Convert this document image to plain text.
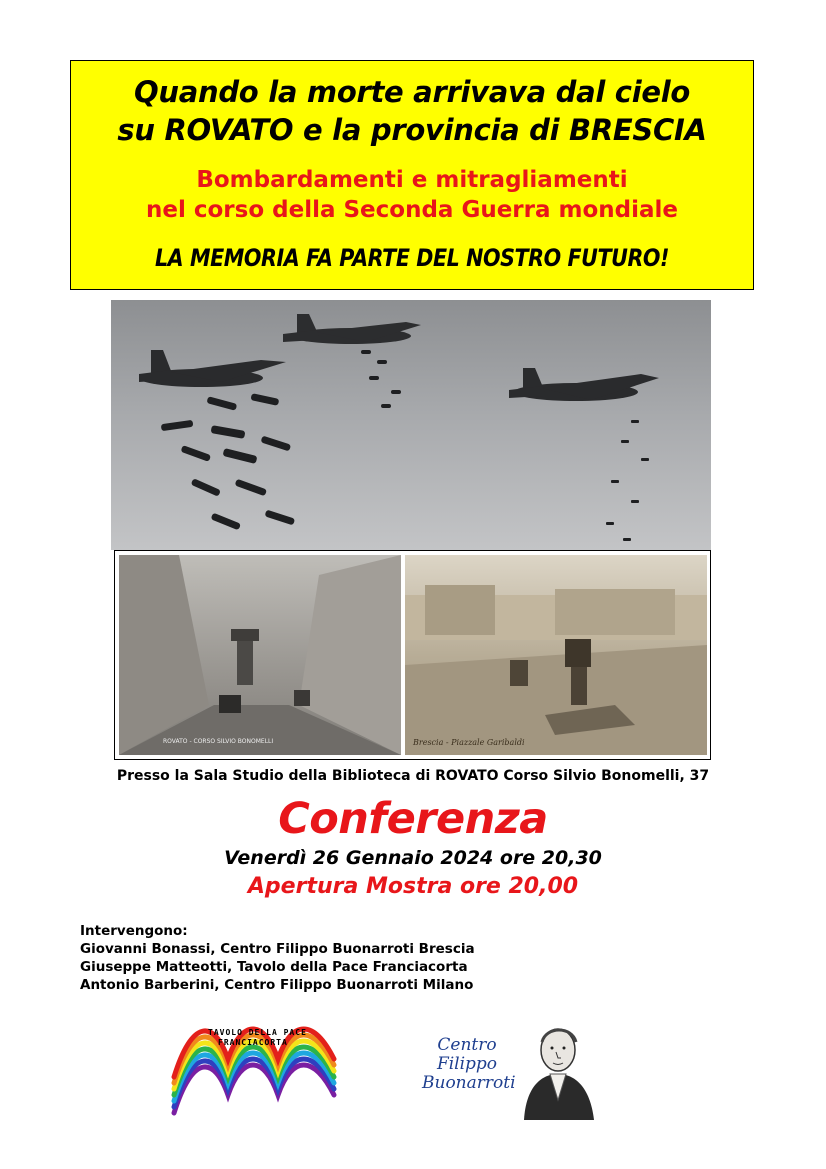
Quando la morte arrivava dal cielo
su ROVATO e la provincia di BRESCIA
Bombardamenti e mitragliamenti
nel corso della Seconda Guerra mondiale
LA MEMORIA FA PARTE DEL NOSTRO FUTURO!
ROVATO - CORSO SILVIO BONOMELLI	Brescia - Piazzale Garibaldi
Presso la Sala Studio della Biblioteca di ROVATO Corso Silvio Bonomelli, 37
Conferenza
Venerdì 26 Gennaio 2024 ore 20,30
Apertura Mostra ore 20,00
Intervengono:
Giovanni Bonassi, Centro Filippo Buonarroti Brescia
Giuseppe Matteotti, Tavolo della Pace Franciacorta
Antonio Barberini, Centro Filippo Buonarroti Milano
TAVOLO DELLA PACE
FRANCIACORTA	Centro
Filippo
Buonarroti
